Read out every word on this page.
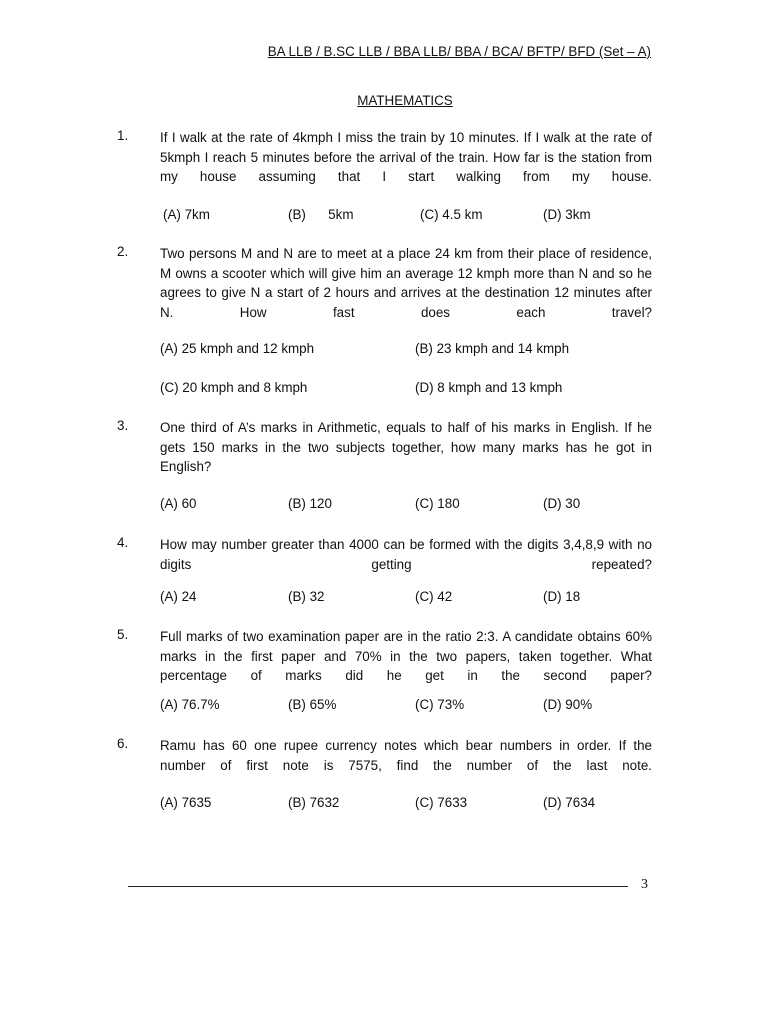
BA LLB / B.SC LLB / BBA LLB/ BBA / BCA/ BFTP/ BFD (Set – A)
MATHEMATICS
1. If I walk at the rate of 4kmph I miss the train by 10 minutes. If I walk at the rate of 5kmph I reach 5 minutes before the arrival of the train. How far is the station from my house assuming that I start walking from my house.
(A) 7km	(B)      5km	(C) 4.5 km	(D) 3km
2. Two persons M and N are to meet at a place 24 km from their place of residence, M owns a scooter which will give him an average 12 kmph more than N and so he agrees to give N a start of 2 hours and arrives at the destination 12 minutes after N. How fast does each travel?
(A) 25 kmph and 12 kmph	(B) 23 kmph and 14 kmph
(C) 20 kmph and 8 kmph	(D) 8 kmph and 13 kmph
3. One third of A’s marks in Arithmetic, equals to half of his marks in English. If he gets 150 marks in the two subjects together, how many marks has he got in English?
(A) 60	(B) 120	(C) 180	(D) 30
4. How may number greater than 4000 can be formed with the digits 3,4,8,9 with no digits getting repeated?
(A) 24	(B) 32	(C) 42	(D) 18
5. Full marks of two examination paper are in the ratio 2:3. A candidate obtains 60% marks in the first paper and 70% in the two papers, taken together. What percentage of marks did he get in the second paper?
(A) 76.7%	(B) 65%	(C) 73%	(D) 90%
6. Ramu has 60 one rupee currency notes which bear numbers in order. If the number of first note is 7575, find the number of the last note.
(A) 7635	(B) 7632	(C) 7633	(D) 7634
3
